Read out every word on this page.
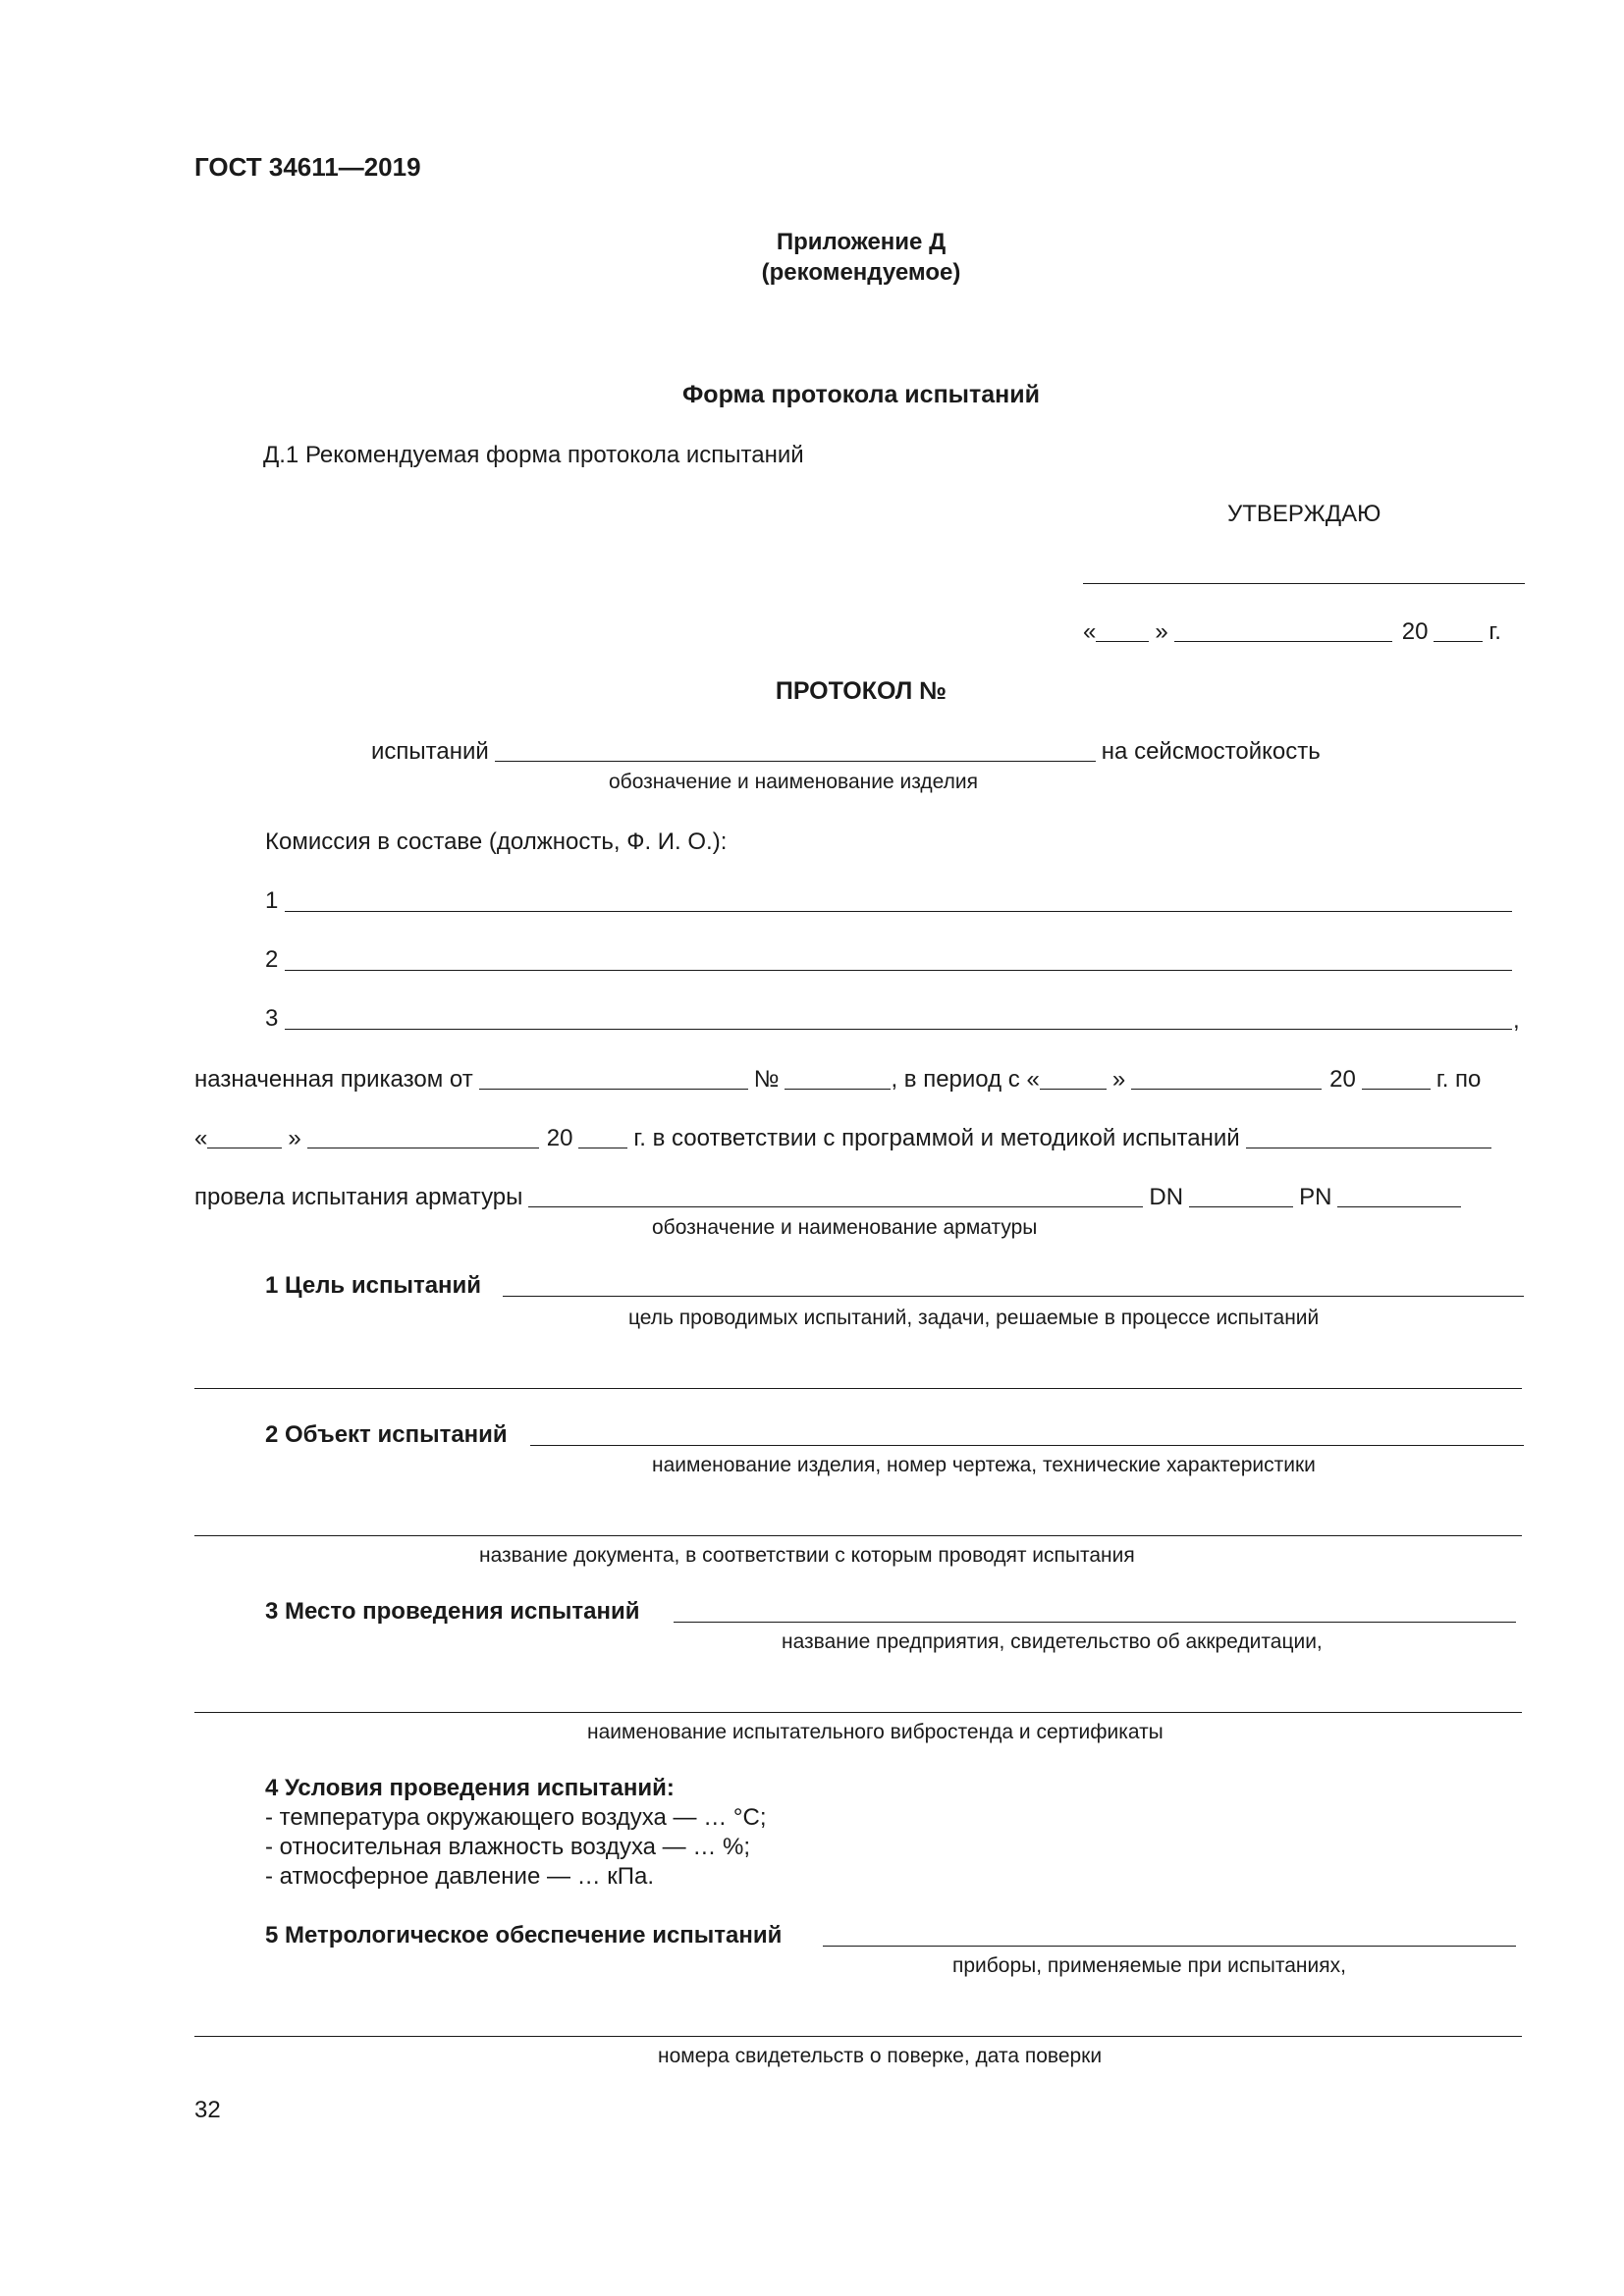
ГОСТ 34611—2019
Приложение Д
(рекомендуемое)
Форма протокола испытаний
Д.1 Рекомендуемая форма протокола испытаний
УТВЕРЖДАЮ
«	»	20	г.
ПРОТОКОЛ №
испытаний	на сейсмостойкость
обозначение и наименование изделия
Комиссия в составе (должность, Ф. И. О.):
1
2
3	,
назначенная приказом от	№	, в период с «	»	20	г. по
«	»	20	г. в соответствии с программой и методикой испытаний
провела испытания арматуры	DN	PN
обозначение и наименование арматуры
1 Цель испытаний
цель проводимых испытаний, задачи, решаемые в процессе испытаний
2 Объект испытаний
наименование изделия, номер чертежа, технические характеристики
название документа, в соответствии с которым проводят испытания
3 Место проведения испытаний
название предприятия, свидетельство об аккредитации,
наименование испытательного вибростенда и сертификаты
4 Условия проведения испытаний:
- температура окружающего воздуха — … °С;
- относительная влажность воздуха — … %;
- атмосферное давление — … кПа.
5 Метрологическое обеспечение испытаний
приборы, применяемые при испытаниях,
номера свидетельств о поверке, дата поверки
32
